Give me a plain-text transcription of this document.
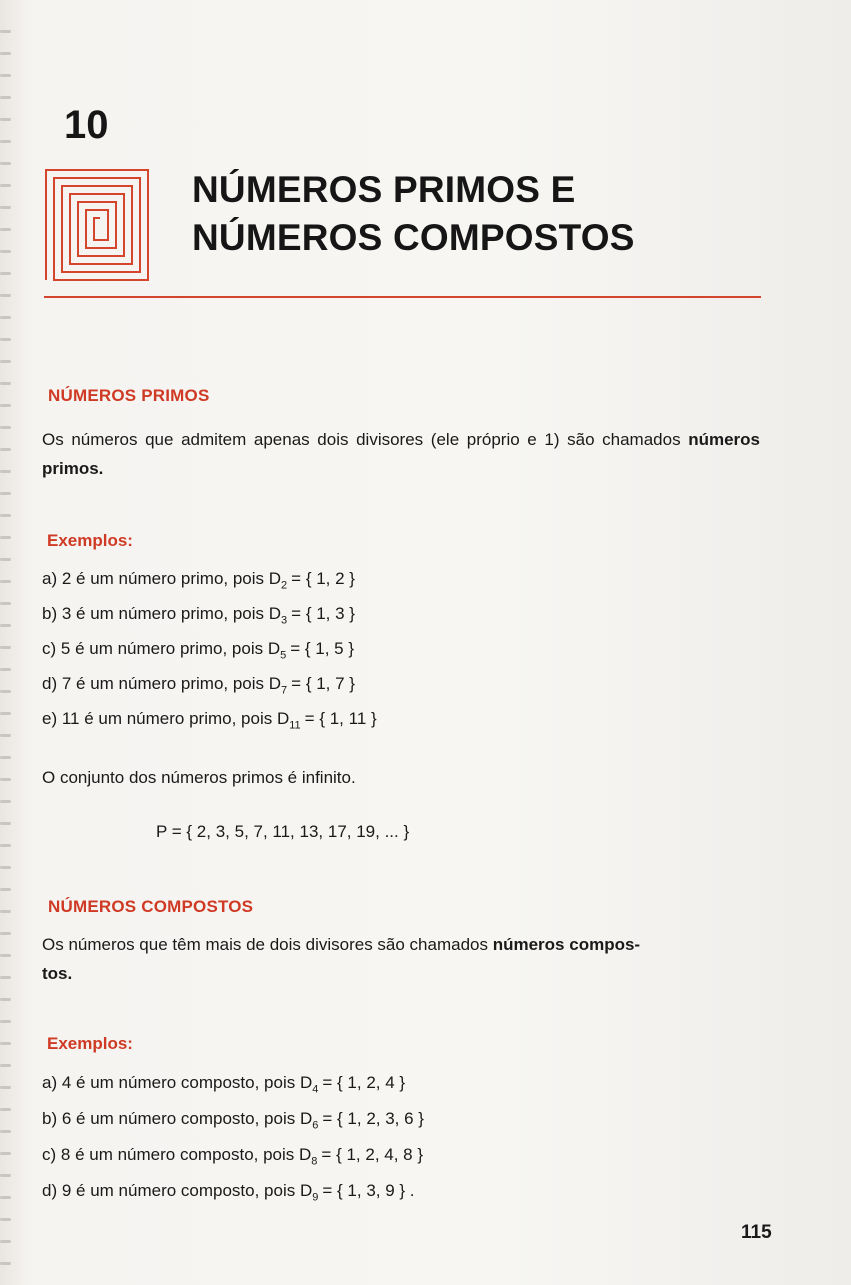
10
NÚMEROS PRIMOS E
NÚMEROS COMPOSTOS
NÚMEROS PRIMOS
Os números que admitem apenas dois divisores (ele próprio e 1) são chamados números primos.
Exemplos:
a) 2 é um número primo, pois $D_2$ = { 1, 2 }
b) 3 é um número primo, pois $D_3$ = { 1, 3 }
c) 5 é um número primo, pois $D_5$ = { 1, 5 }
d) 7 é um número primo, pois $D_7$ = { 1, 7 }
e) 11 é um número primo, pois $D_{11}$ = { 1, 11 }
O conjunto dos números primos é infinito.
P = { 2, 3, 5, 7, 11, 13, 17, 19, ... }
NÚMEROS COMPOSTOS
Os números que têm mais de dois divisores são chamados números compos-
tos.
Exemplos:
a) 4 é um número composto, pois $D_4$ = { 1, 2, 4 }
b) 6 é um número composto, pois $D_6$ = { 1, 2, 3, 6 }
c) 8 é um número composto, pois $D_8$ = { 1, 2, 4, 8 }
d) 9 é um número composto, pois $D_9$ = { 1, 3, 9 } .
115
